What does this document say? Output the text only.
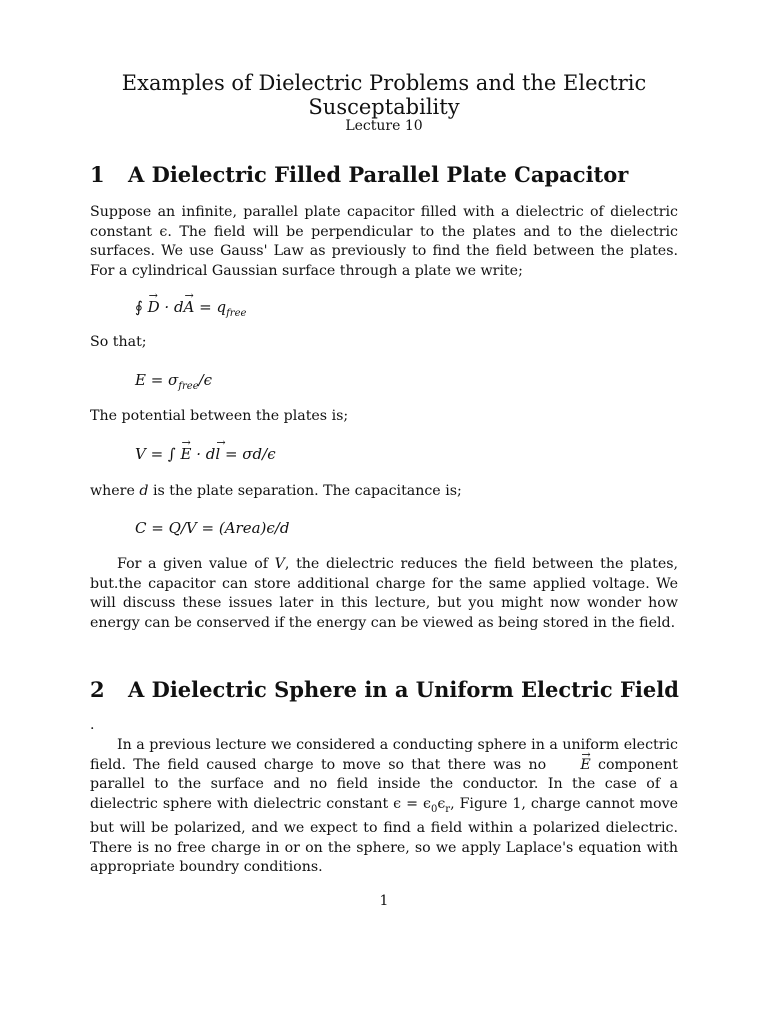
Examples of Dielectric Problems and the Electric Susceptability
Lecture 10
1 A Dielectric Filled Parallel Plate Capacitor

Suppose an infinite, parallel plate capacitor filled with a dielectric of dielectric constant ϵ. The field will be perpendicular to the plates and to the dielectric surfaces. We use Gauss' Law as previously to find the field between the plates. For a cylindrical Gaussian surface through a plate we write;

∮ → $D \cdot d\to A = q_{free}$

So that;

$E = \sigma_{free}/\epsilon$

The potential between the plates is;

V = ∫ → E · d→ l = σd/ϵ

where d is the plate separation. The capacitance is;

C = Q/V = (Area)ϵ/d

For a given value of V, the dielectric reduces the field between the plates, but.the capacitor can store additional charge for the same applied voltage. We will discuss these issues later in this lecture, but you might now wonder how energy can be conserved if the energy can be viewed as being stored in the field.

2 A Dielectric Sphere in a Uniform Electric Field
.

In a previous lecture we considered a conducting sphere in a uniform electric field. The field caused charge to move so that there was no → E component parallel to the surface and no field inside the conductor. In the case of a dielectric sphere with dielectric constant $\epsilon = \epsilon_0\epsilon_r$, Figure 1, charge cannot move but will be polarized, and we expect to find a field within a polarized dielectric. There is no free charge in or on the sphere, so we apply Laplace's equation with appropriate boundry conditions.

1
